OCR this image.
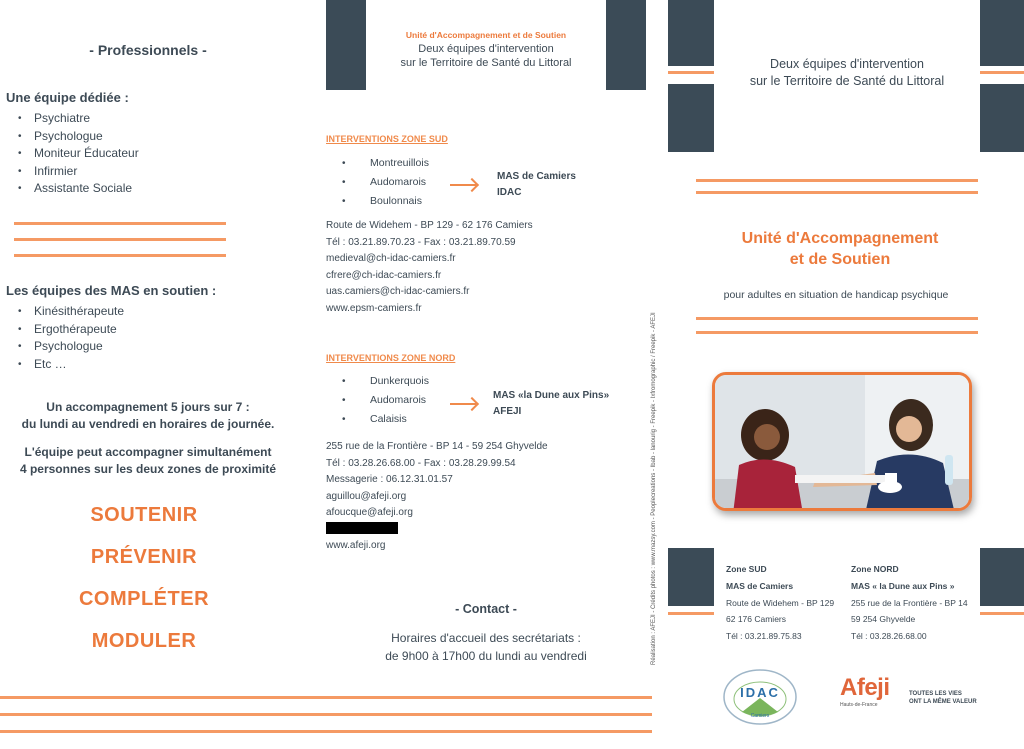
- Professionnels -
Une équipe dédiée :
• Psychiatre
• Psychologue
• Moniteur Éducateur
• Infirmier
• Assistante Sociale
Les équipes des MAS en soutien :
• Kinésithérapeute
• Ergothérapeute
• Psychologue
• Etc …
Un accompagnement 5 jours sur 7 :
du lundi au vendredi en horaires de journée.
L'équipe peut accompagner simultanément
4 personnes sur les deux zones de proximité
SOUTENIR
PRÉVENIR
COMPLÉTER
MODULER
Unité d'Accompagnement et de Soutien
Deux équipes d'intervention
sur le Territoire de Santé du Littoral
INTERVENTIONS ZONE SUD
• Montreuillois
• Audomarois
• Boulonnais
MAS de Camiers
IDAC
Route de Widehem - BP 129 - 62 176 Camiers
Tél : 03.21.89.70.23 - Fax : 03.21.89.70.59
medieval@ch-idac-camiers.fr
cfrere@ch-idac-camiers.fr
uas.camiers@ch-idac-camiers.fr
www.epsm-camiers.fr
INTERVENTIONS ZONE NORD
• Dunkerquois
• Audomarois
• Calaisis
MAS «la Dune aux Pins»
AFEJI
255 rue de la Frontière - BP 14 - 59 254 Ghyvelde
Tél : 03.28.26.68.00 - Fax : 03.28.29.99.54
Messagerie : 06.12.31.01.57
aguillou@afeji.org
afoucque@afeji.org
www.afeji.org
- Contact -
Horaires d'accueil des secrétariats :
de 9h00 à 17h00 du lundi au vendredi	Réalisation : AFEJI - Crédits photos : www.mazsy.com - Peoplecreations - Ibab - lanourig - Freepik - Ixfromographic / Freepik - AFEJI
Deux équipes d'intervention
sur le Territoire de Santé du Littoral
Unité d'Accompagnement
et de Soutien
pour adultes en situation de handicap psychique
Zone SUD
MAS de Camiers
Route de Widehem - BP 129
62 176 Camiers
Tél : 03.21.89.75.83
Zone NORD
MAS « la Dune aux Pins »
255 rue de la Frontière - BP 14
59 254 Ghyvelde
Tél : 03.28.26.68.00
IDAC
Camiers
Afeji
Hauts-de-France
TOUTES LES VIES
ONT LA MÊME VALEUR
